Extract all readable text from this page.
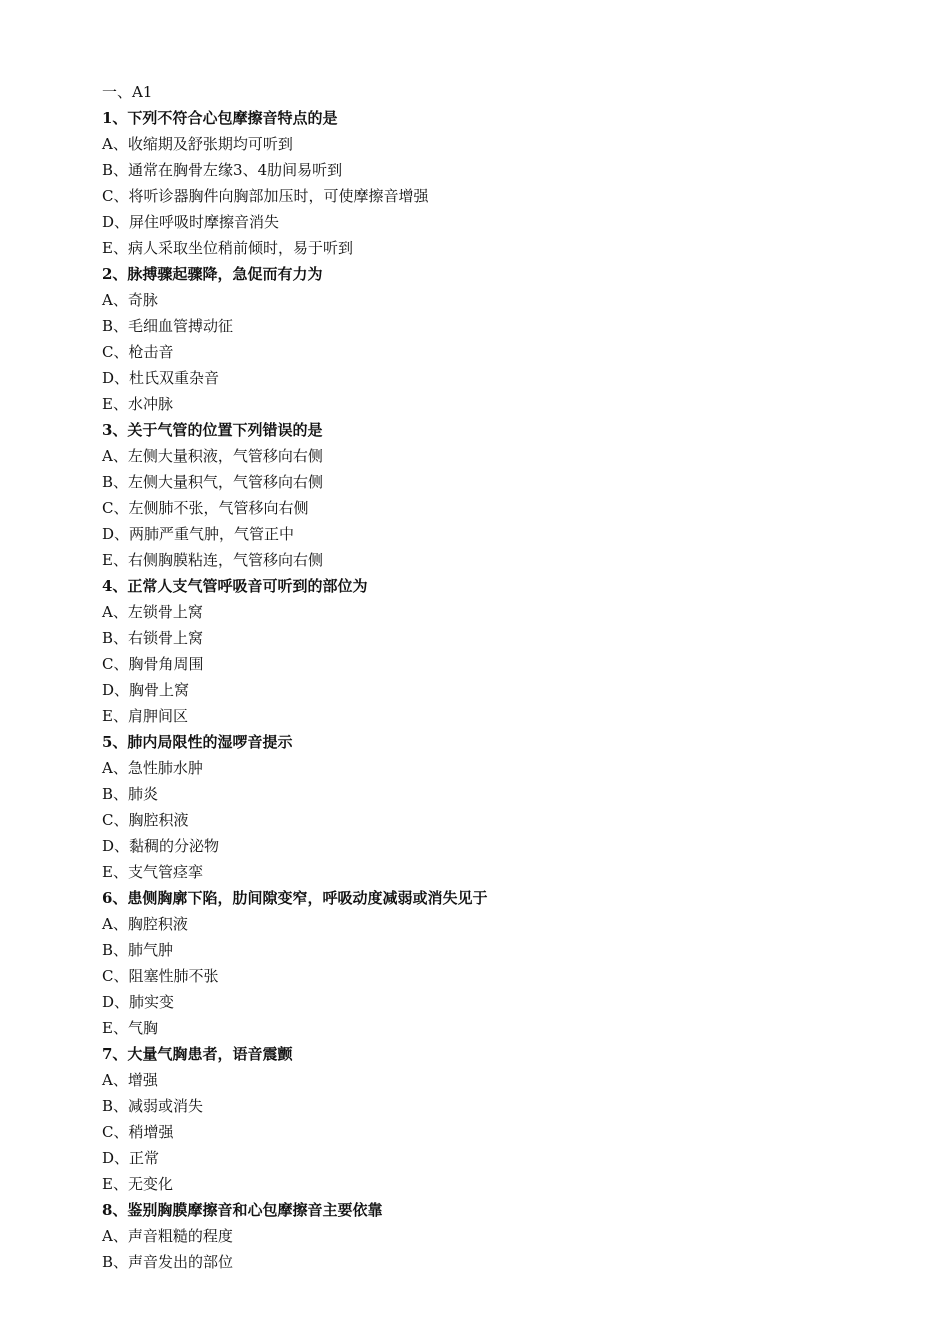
一、A1
1、下列不符合心包摩擦音特点的是
A、收缩期及舒张期均可听到
B、通常在胸骨左缘3、4肋间易听到
C、将听诊器胸件向胸部加压时，可使摩擦音增强
D、屏住呼吸时摩擦音消失
E、病人采取坐位稍前倾时，易于听到
2、脉搏骤起骤降，急促而有力为
A、奇脉
B、毛细血管搏动征
C、枪击音
D、杜氏双重杂音
E、水冲脉
3、关于气管的位置下列错误的是
A、左侧大量积液，气管移向右侧
B、左侧大量积气，气管移向右侧
C、左侧肺不张，气管移向右侧
D、两肺严重气肿，气管正中
E、右侧胸膜粘连，气管移向右侧
4、正常人支气管呼吸音可听到的部位为
A、左锁骨上窝
B、右锁骨上窝
C、胸骨角周围
D、胸骨上窝
E、肩胛间区
5、肺内局限性的湿啰音提示
A、急性肺水肿
B、肺炎
C、胸腔积液
D、黏稠的分泌物
E、支气管痉挛
6、患侧胸廓下陷，肋间隙变窄，呼吸动度减弱或消失见于
A、胸腔积液
B、肺气肿
C、阻塞性肺不张
D、肺实变
E、气胸
7、大量气胸患者，语音震颤
A、增强
B、减弱或消失
C、稍增强
D、正常
E、无变化
8、鉴别胸膜摩擦音和心包摩擦音主要依靠
A、声音粗糙的程度
B、声音发出的部位
